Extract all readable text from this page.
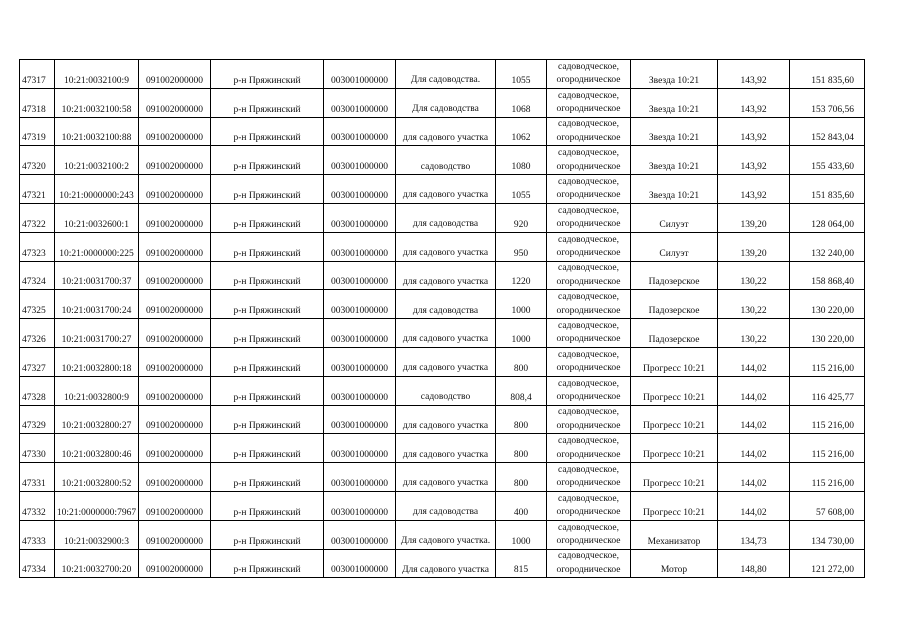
47317	10:21:0032100:9	091002000000	р-н Пряжинский	003001000000	Для садоводства.	1055	садоводческое,
огородническое	Звезда 10:21	143,92	151 835,60
47318	10:21:0032100:58	091002000000	р-н Пряжинский	003001000000	Для садоводства	1068	садоводческое,
огородническое	Звезда 10:21	143,92	153 706,56
47319	10:21:0032100:88	091002000000	р-н Пряжинский	003001000000	для садового участка	1062	садоводческое,
огородническое	Звезда 10:21	143,92	152 843,04
47320	10:21:0032100:2	091002000000	р-н Пряжинский	003001000000	садоводство	1080	садоводческое,
огородническое	Звезда 10:21	143,92	155 433,60
47321	10:21:0000000:243	091002000000	р-н Пряжинский	003001000000	для садового участка	1055	садоводческое,
огородническое	Звезда 10:21	143,92	151 835,60
47322	10:21:0032600:1	091002000000	р-н Пряжинский	003001000000	для садоводства	920	садоводческое,
огородническое	Силуэт	139,20	128 064,00
47323	10:21:0000000:225	091002000000	р-н Пряжинский	003001000000	для садового участка	950	садоводческое,
огородническое	Силуэт	139,20	132 240,00
47324	10:21:0031700:37	091002000000	р-н Пряжинский	003001000000	для садового участка	1220	садоводческое,
огородническое	Падозерское	130,22	158 868,40
47325	10:21:0031700:24	091002000000	р-н Пряжинский	003001000000	для садоводства	1000	садоводческое,
огородническое	Падозерское	130,22	130 220,00
47326	10:21:0031700:27	091002000000	р-н Пряжинский	003001000000	для садового участка	1000	садоводческое,
огородническое	Падозерское	130,22	130 220,00
47327	10:21:0032800:18	091002000000	р-н Пряжинский	003001000000	для садового участка	800	садоводческое,
огородническое	Прогресс 10:21	144,02	115 216,00
47328	10:21:0032800:9	091002000000	р-н Пряжинский	003001000000	садоводство	808,4	садоводческое,
огородническое	Прогресс 10:21	144,02	116 425,77
47329	10:21:0032800:27	091002000000	р-н Пряжинский	003001000000	для садового участка	800	садоводческое,
огородническое	Прогресс 10:21	144,02	115 216,00
47330	10:21:0032800:46	091002000000	р-н Пряжинский	003001000000	для садового участка	800	садоводческое,
огородническое	Прогресс 10:21	144,02	115 216,00
47331	10:21:0032800:52	091002000000	р-н Пряжинский	003001000000	для садового участка	800	садоводческое,
огородническое	Прогресс 10:21	144,02	115 216,00
47332	10:21:0000000:7967	091002000000	р-н Пряжинский	003001000000	для садоводства	400	садоводческое,
огородническое	Прогресс 10:21	144,02	57 608,00
47333	10:21:0032900:3	091002000000	р-н Пряжинский	003001000000	Для садового участка.	1000	садоводческое,
огородническое	Механизатор	134,73	134 730,00
47334	10:21:0032700:20	091002000000	р-н Пряжинский	003001000000	Для садового участка	815	садоводческое,
огородническое	Мотор	148,80	121 272,00
